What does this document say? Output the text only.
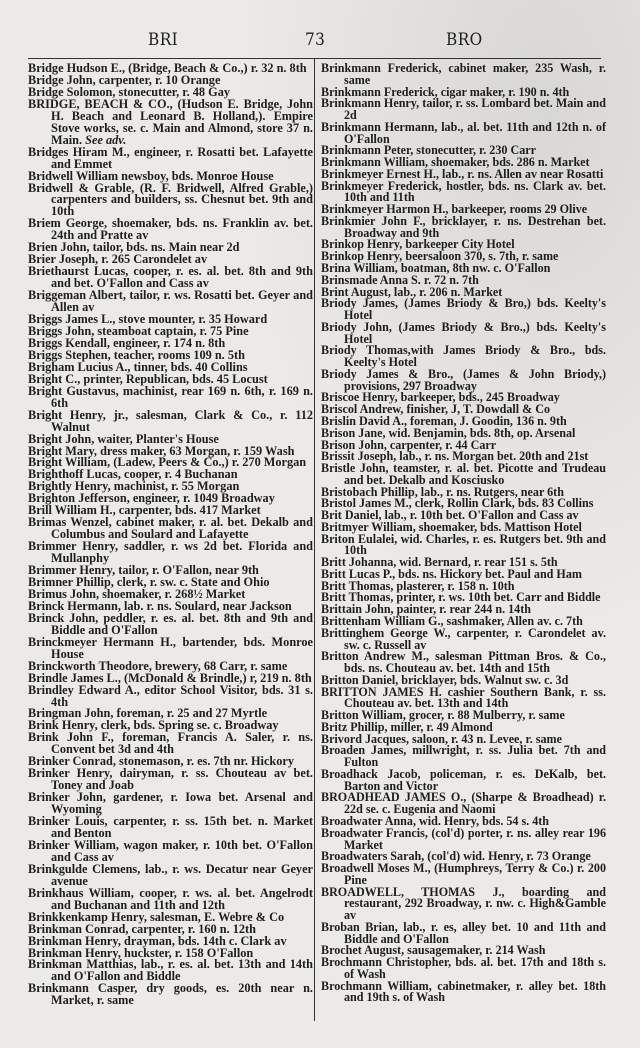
BRI	73	BRO

Bridge Hudson E., (Bridge, Beach & Co.,) r. 32 n. 8th

Bridge John, carpenter, r. 10 Orange

Bridge Solomon, stonecutter, r. 48 Gay

BRIDGE, BEACH & CO., (Hudson E. Bridge, John H. Beach and Leonard B. Holland,). Empire Stove works, se. c. Main and Almond, store 37 n. Main. See adv.

Bridges Hiram M., engineer, r. Rosatti bet. Lafayette and Emmet

Bridwell William newsboy, bds. Monroe House

Bridwell & Grable, (R. F. Bridwell, Alfred Grable,) carpenters and builders, ss. Chesnut bet. 9th and 10th

Briem George, shoemaker, bds. ns. Franklin av. bet. 24th and Pratte av

Brien John, tailor, bds. ns. Main near 2d

Brier Joseph, r. 265 Carondelet av

Briethaurst Lucas, cooper, r. es. al. bet. 8th and 9th and bet. O'Fallon and Cass av

Briggeman Albert, tailor, r. ws. Rosatti bet. Geyer and Allen av

Briggs James L., stove mounter, r. 35 Howard

Briggs John, steamboat captain, r. 75 Pine

Briggs Kendall, engineer, r. 174 n. 8th

Briggs Stephen, teacher, rooms 109 n. 5th

Brigham Lucius A., tinner, bds. 40 Collins

Bright C., printer, Republican, bds. 45 Locust

Bright Gustavus, machinist, rear 169 n. 6th, r. 169 n. 6th

Bright Henry, jr., salesman, Clark & Co., r. 112 Walnut

Bright John, waiter, Planter's House

Bright Mary, dress maker, 63 Morgan, r. 159 Wash

Bright William, (Ladew, Peers & Co.,) r. 270 Morgan

Brighthoff Lucas, cooper, r. 4 Buchanan

Brightly Henry, machinist, r. 55 Morgan

Brighton Jefferson, engineer, r. 1049 Broadway

Brill William H., carpenter, bds. 417 Market

Brimas Wenzel, cabinet maker, r. al. bet. Dekalb and Columbus and Soulard and Lafayette

Brimmer Henry, saddler, r. ws 2d bet. Florida and Mullanphy

Brimmer Henry, tailor, r. O'Fallon, near 9th

Brimner Phillip, clerk, r. sw. c. State and Ohio

Brimus John, shoemaker, r. 268½ Market

Brinck Hermann, lab. r. ns. Soulard, near Jackson

Brinck John, peddler, r. es. al. bet. 8th and 9th and Biddle and O'Fallon

Brinckmeyer Hermann H., bartender, bds. Monroe House

Brinckworth Theodore, brewery, 68 Carr, r. same

Brindle James L., (McDonald & Brindle,) r, 219 n. 8th

Brindley Edward A., editor School Visitor, bds. 31 s. 4th

Bringman John, foreman, r. 25 and 27 Myrtle

Brink Henry, clerk, bds. Spring se. c. Broadway

Brink John F., foreman, Francis A. Saler, r. ns. Convent bet 3d and 4th

Brinker Conrad, stonemason, r. es. 7th nr. Hickory

Brinker Henry, dairyman, r. ss. Chouteau av bet. Toney and Joab

Brinker John, gardener, r. Iowa bet. Arsenal and Wyoming

Brinker Louis, carpenter, r. ss. 15th bet. n. Market and Benton

Brinker William, wagon maker, r. 10th bet. O'Fallon and Cass av

Brinkgulde Clemens, lab., r. ws. Decatur near Geyer avenue

Brinkhaus William, cooper, r. ws. al. bet. Angelrodt and Buchanan and 11th and 12th

Brinkkenkamp Henry, salesman, E. Webre & Co

Brinkman Conrad, carpenter, r. 160 n. 12th

Brinkman Henry, drayman, bds. 14th c. Clark av

Brinkman Henry, huckster, r. 158 O'Fallon

Brinkman Matthias, lab., r. es. al. bet. 13th and 14th and O'Fallon and Biddle

Brinkmann Casper, dry goods, es. 20th near n. Market, r. same

Brinkmann Frederick, cabinet maker, 235 Wash, r. same

Brinkmann Frederick, cigar maker, r. 190 n. 4th

Brinkmann Henry, tailor, r. ss. Lombard bet. Main and 2d

Brinkmann Hermann, lab., al. bet. 11th and 12th n. of O'Fallon

Brinkmann Peter, stonecutter, r. 230 Carr

Brinkmann William, shoemaker, bds. 286 n. Market

Brinkmeyer Ernest H., lab., r. ns. Allen av near Rosatti

Brinkmeyer Frederick, hostler, bds. ns. Clark av. bet. 10th and 11th

Brinkmeyer Harmon H., barkeeper, rooms 29 Olive

Brinkmier John F., bricklayer, r. ns. Destrehan bet. Broadway and 9th

Brinkop Henry, barkeeper City Hotel

Brinkop Henry, beersaloon 370, s. 7th, r. same

Brina William, boatman, 8th nw. c. O'Fallon

Brinsmade Anna S. r. 72 n. 7th

Brint August, lab., r. 206 n. Market

Briody James, (James Briody & Bro,) bds. Keelty's Hotel

Briody John, (James Briody & Bro.,) bds. Keelty's Hotel

Briody Thomas,with James Briody & Bro., bds. Keelty's Hotel

Briody James & Bro., (James & John Briody,) provisions, 297 Broadway

Briscoe Henry, barkeeper, bds., 245 Broadway

Briscol Andrew, finisher, J, T. Dowdall & Co

Brislin David A., foreman, J. Goodin, 136 n. 9th

Brison Jane, wid. Benjamin, bds. 8th, op. Arsenal

Brison John, carpenter, r. 44 Carr

Brissit Joseph, lab., r. ns. Morgan bet. 20th and 21st

Bristle John, teamster, r. al. bet. Picotte and Trudeau and bet. Dekalb and Kosciusko

Bristobach Phillip, lab., r. ns. Rutgers, near 6th

Bristol James M., clerk, Rollin Clark, bds. 83 Collins

Brit Daniel, lab., r. 10th bet. O'Fallon and Cass av

Britmyer William, shoemaker, bds. Mattison Hotel

Briton Eulalei, wid. Charles, r. es. Rutgers bet. 9th and 10th

Britt Johanna, wid. Bernard, r. rear 151 s. 5th

Britt Lucas P., bds. ns. Hickory bet. Paul and Ham

Britt Thomas, plasterer, r. 158 n. 10th

Britt Thomas, printer, r. ws. 10th bet. Carr and Biddle

Brittain John, painter, r. rear 244 n. 14th

Brittenham William G., sashmaker, Allen av. c. 7th

Brittinghem George W., carpenter, r. Carondelet av. sw. c. Russell av

Britton Andrew M., salesman Pittman Bros. & Co., bds. ns. Chouteau av. bet. 14th and 15th

Britton Daniel, bricklayer, bds. Walnut sw. c. 3d

BRITTON JAMES H. cashier Southern Bank, r. ss. Chouteau av. bet. 13th and 14th

Britton William, grocer, r. 88 Mulberry, r. same

Britz Phillip, miller, r. 49 Almond

Brivord Jacques, saloon, r. 43 n. Levee, r. same

Broaden James, millwright, r. ss. Julia bet. 7th and Fulton

Broadhack Jacob, policeman, r. es. DeKalb, bet. Barton and Victor

BROADHEAD JAMES O., (Sharpe & Broadhead) r. 22d se. c. Eugenia and Naomi

Broadwater Anna, wid. Henry, bds. 54 s. 4th

Broadwater Francis, (col'd) porter, r. ns. alley rear 196 Market

Broadwaters Sarah, (col'd) wid. Henry, r. 73 Orange

Broadwell Moses M., (Humphreys, Terry & Co.) r. 200 Pine

BROADWELL, THOMAS J., boarding and restaurant, 292 Broadway, r. nw. c. High&Gamble av

Broban Brian, lab., r. es, alley bet. 10 and 11th and Biddle and O'Fallon

Brochet August, sausagemaker, r. 214 Wash

Brochmann Christopher, bds. al. bet. 17th and 18th s. of Wash

Brochmann William, cabinetmaker, r. alley bet. 18th and 19th s. of Wash
